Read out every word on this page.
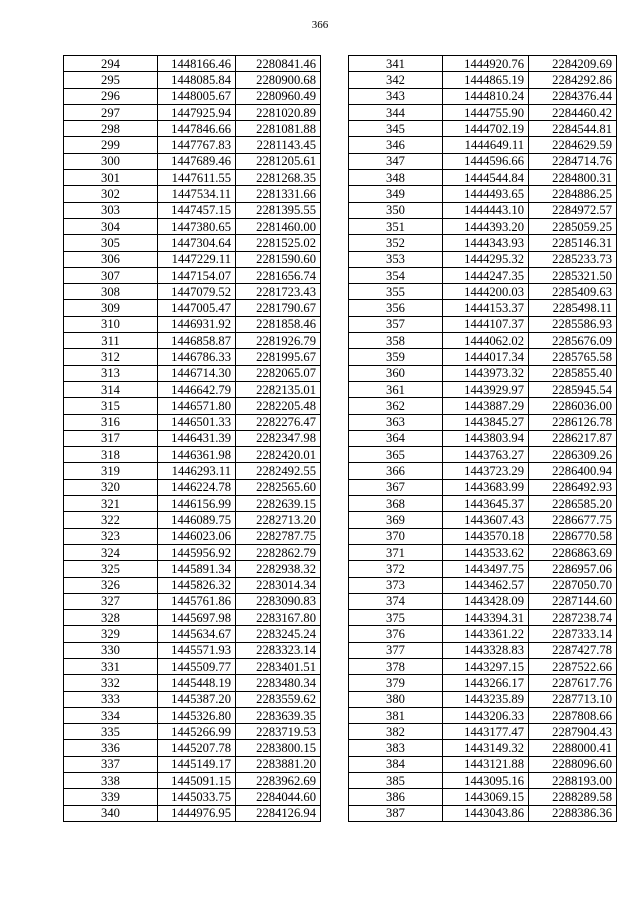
366
294	1448166.46	2280841.46
295	1448085.84	2280900.68
296	1448005.67	2280960.49
297	1447925.94	2281020.89
298	1447846.66	2281081.88
299	1447767.83	2281143.45
300	1447689.46	2281205.61
301	1447611.55	2281268.35
302	1447534.11	2281331.66
303	1447457.15	2281395.55
304	1447380.65	2281460.00
305	1447304.64	2281525.02
306	1447229.11	2281590.60
307	1447154.07	2281656.74
308	1447079.52	2281723.43
309	1447005.47	2281790.67
310	1446931.92	2281858.46
311	1446858.87	2281926.79
312	1446786.33	2281995.67
313	1446714.30	2282065.07
314	1446642.79	2282135.01
315	1446571.80	2282205.48
316	1446501.33	2282276.47
317	1446431.39	2282347.98
318	1446361.98	2282420.01
319	1446293.11	2282492.55
320	1446224.78	2282565.60
321	1446156.99	2282639.15
322	1446089.75	2282713.20
323	1446023.06	2282787.75
324	1445956.92	2282862.79
325	1445891.34	2282938.32
326	1445826.32	2283014.34
327	1445761.86	2283090.83
328	1445697.98	2283167.80
329	1445634.67	2283245.24
330	1445571.93	2283323.14
331	1445509.77	2283401.51
332	1445448.19	2283480.34
333	1445387.20	2283559.62
334	1445326.80	2283639.35
335	1445266.99	2283719.53
336	1445207.78	2283800.15
337	1445149.17	2283881.20
338	1445091.15	2283962.69
339	1445033.75	2284044.60
340	1444976.95	2284126.94
341	1444920.76	2284209.69
342	1444865.19	2284292.86
343	1444810.24	2284376.44
344	1444755.90	2284460.42
345	1444702.19	2284544.81
346	1444649.11	2284629.59
347	1444596.66	2284714.76
348	1444544.84	2284800.31
349	1444493.65	2284886.25
350	1444443.10	2284972.57
351	1444393.20	2285059.25
352	1444343.93	2285146.31
353	1444295.32	2285233.73
354	1444247.35	2285321.50
355	1444200.03	2285409.63
356	1444153.37	2285498.11
357	1444107.37	2285586.93
358	1444062.02	2285676.09
359	1444017.34	2285765.58
360	1443973.32	2285855.40
361	1443929.97	2285945.54
362	1443887.29	2286036.00
363	1443845.27	2286126.78
364	1443803.94	2286217.87
365	1443763.27	2286309.26
366	1443723.29	2286400.94
367	1443683.99	2286492.93
368	1443645.37	2286585.20
369	1443607.43	2286677.75
370	1443570.18	2286770.58
371	1443533.62	2286863.69
372	1443497.75	2286957.06
373	1443462.57	2287050.70
374	1443428.09	2287144.60
375	1443394.31	2287238.74
376	1443361.22	2287333.14
377	1443328.83	2287427.78
378	1443297.15	2287522.66
379	1443266.17	2287617.76
380	1443235.89	2287713.10
381	1443206.33	2287808.66
382	1443177.47	2287904.43
383	1443149.32	2288000.41
384	1443121.88	2288096.60
385	1443095.16	2288193.00
386	1443069.15	2288289.58
387	1443043.86	2288386.36
